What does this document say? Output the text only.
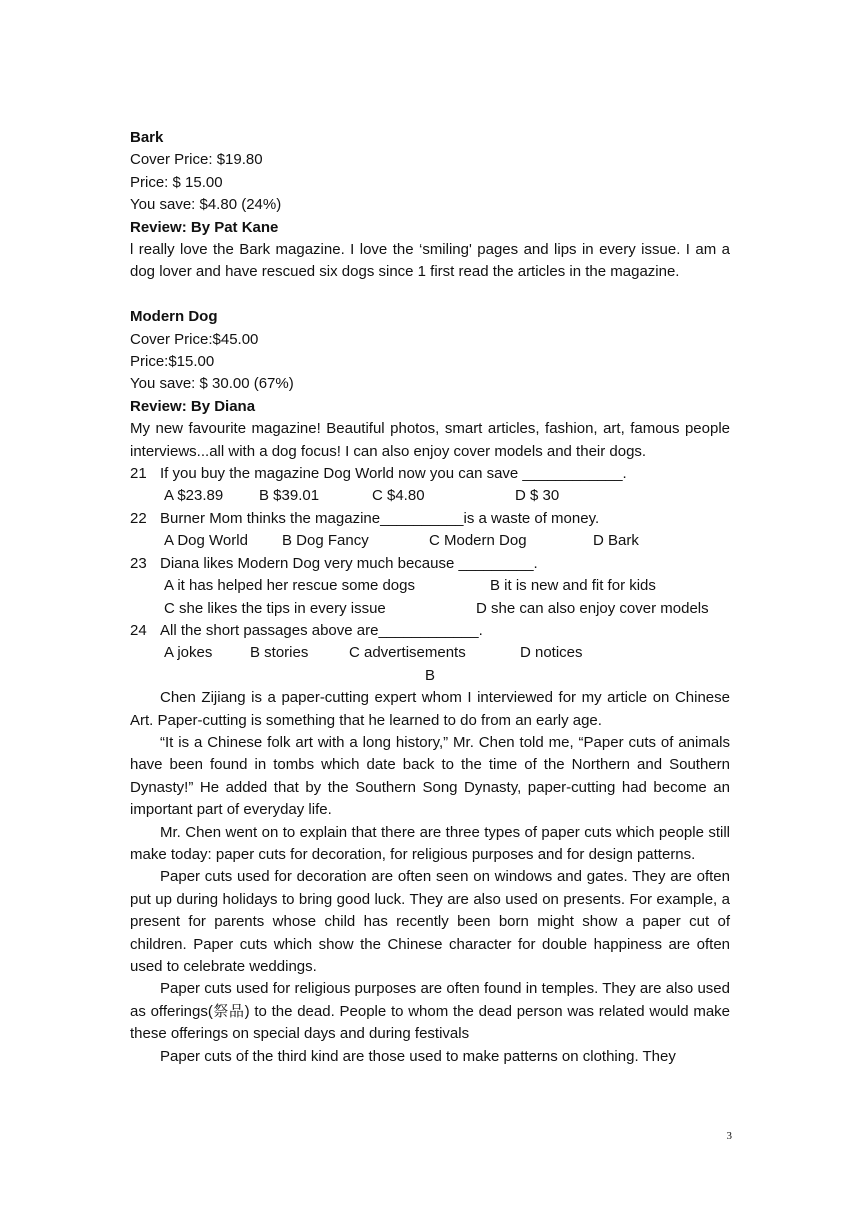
Bark

Cover Price: $19.80

Price: $ 15.00

You save: $4.80 (24%)

Review: By Pat Kane

l really love the Bark magazine. I love the ‘smiling' pages and lips in every issue. I am a dog lover and have rescued six dogs since 1 first read the articles in the magazine.

Modern Dog

Cover Price:$45.00

Price:$15.00

You save: $ 30.00 (67%)

Review: By Diana

My new favourite magazine! Beautiful photos, smart articles, fashion, art, famous people interviews...all with a dog focus! I can also enjoy cover models and their dogs.

21 If you buy the magazine Dog World now you can save ____________.
A $23.89	B $39.01	C $4.80	D $ 30
22 Burner Mom thinks the magazine__________is a waste of money.
A Dog World	B Dog Fancy	C Modern Dog	D Bark
23 Diana likes Modern Dog very much because _________.
A it has helped her rescue some dogs	B it is new and fit for kids
C she likes the tips in every issue	D she can also enjoy cover models
24 All the short passages above are____________.
A jokes	B stories	C advertisements	D notices

B

Chen Zijiang is a paper-cutting expert whom I interviewed for my article on Chinese Art. Paper-cutting is something that he learned to do from an early age.

“It is a Chinese folk art with a long history,” Mr. Chen told me, “Paper cuts of animals have been found in tombs which date back to the time of the Northern and Southern Dynasty!” He added that by the Southern Song Dynasty, paper-cutting had become an important part of everyday life.

Mr. Chen went on to explain that there are three types of paper cuts which people still make today: paper cuts for decoration, for religious purposes and for design patterns.

Paper cuts used for decoration are often seen on windows and gates. They are often put up during holidays to bring good luck. They are also used on presents. For example, a present for parents whose child has recently been born might show a paper cut of children. Paper cuts which show the Chinese character for double happiness are often used to celebrate weddings.

Paper cuts used for religious purposes are often found in temples. They are also used as offerings(祭品) to the dead. People to whom the dead person was related would make these offerings on special days and during festivals

Paper cuts of the third kind are those used to make patterns on clothing. They

3
